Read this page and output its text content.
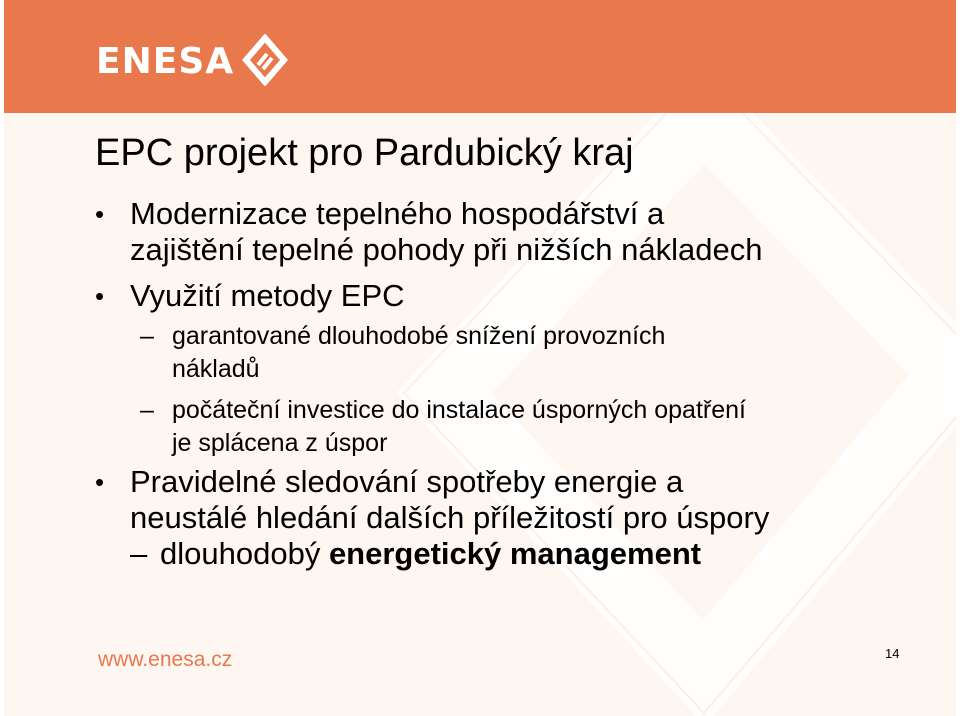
ENESA
EPC projekt pro Pardubický kraj
• Modernizace tepelného hospodářství a
zajištění tepelné pohody při nižších nákladech
• Využití metody EPC
– garantované dlouhodobé snížení provozních
nákladů
– počáteční investice do instalace úsporných opatření
je splácena z úspor
• Pravidelné sledování spotřeby energie a
neustálé hledání dalších příležitostí pro úspory
– dlouhodobý energetický management
www.enesa.cz	14
